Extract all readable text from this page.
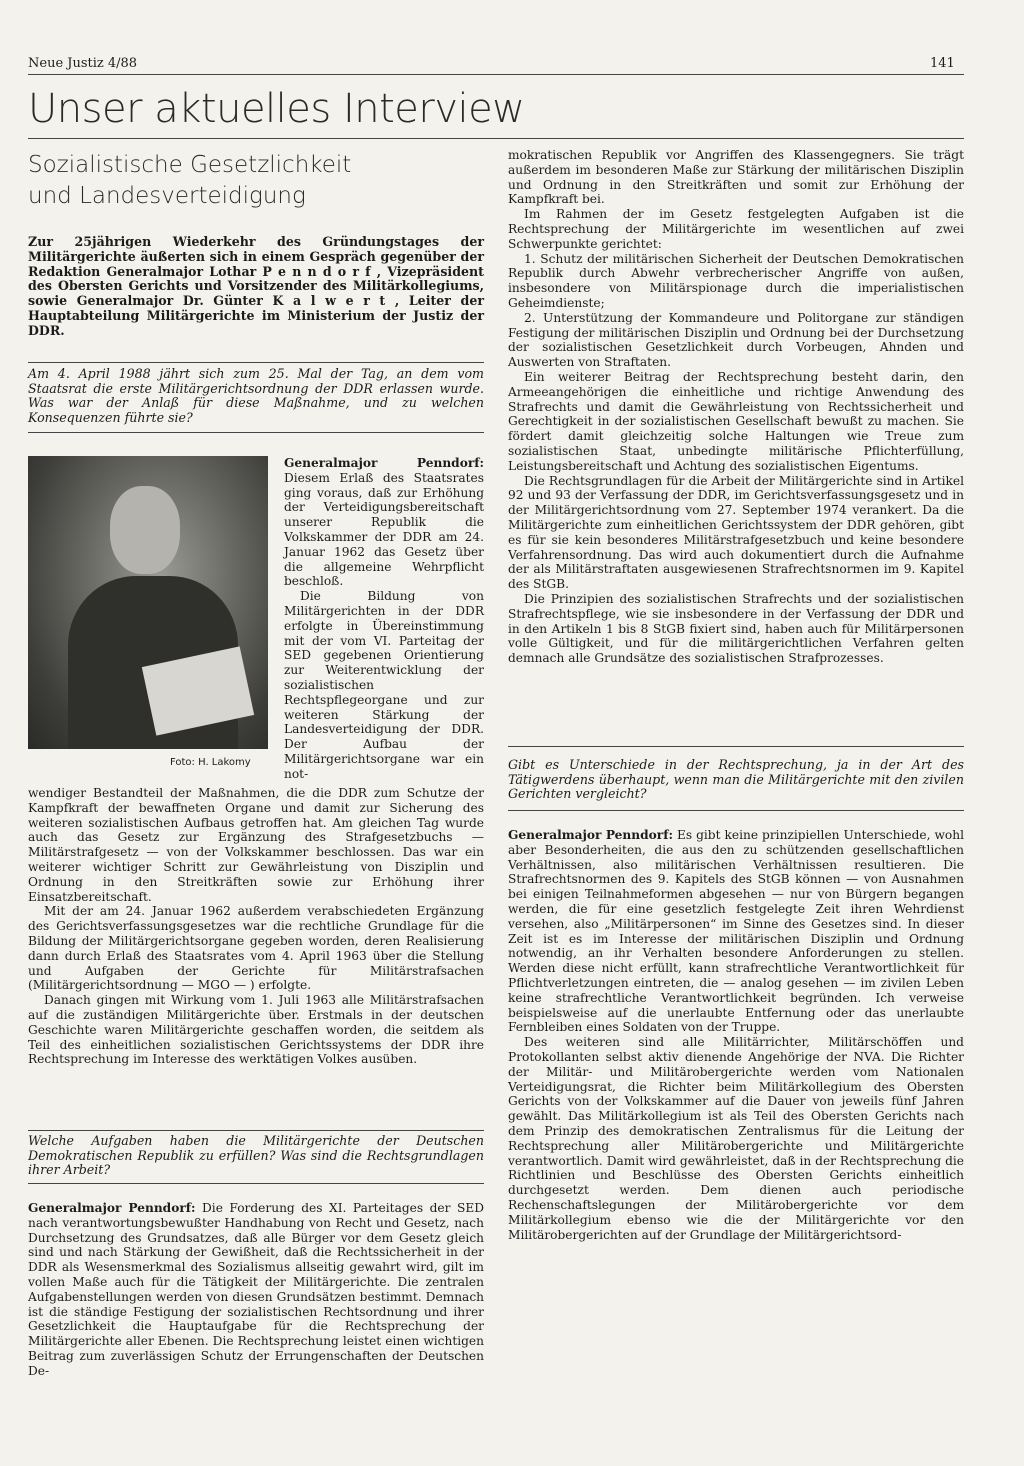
Neue Justiz 4/88	141
Unser aktuelles Interview
Sozialistische Gesetzlichkeit
und Landesverteidigung
Zur 25jährigen Wiederkehr des Gründungstages der Militärgerichte äußerten sich in einem Gespräch gegenüber der Redaktion Generalmajor Lothar P e n n d o r f , Vizepräsident des Obersten Gerichts und Vorsitzender des Militärkollegiums, sowie Generalmajor Dr. Günter K a l w e r t , Leiter der Hauptabteilung Militärgerichte im Ministerium der Justiz der DDR.
Am 4. April 1988 jährt sich zum 25. Mal der Tag, an dem vom Staatsrat die erste Militärgerichtsordnung der DDR erlassen wurde. Was war der Anlaß für diese Maßnahme, und zu welchen Konsequenzen führte sie?
Foto: H. Lakomy

Generalmajor Penndorf: Diesem Erlaß des Staatsrates ging voraus, daß zur Erhöhung der Verteidigungsbereitschaft unserer Republik die Volkskammer der DDR am 24. Januar 1962 das Gesetz über die allgemeine Wehrpflicht beschloß.

Die Bildung von Militärgerichten in der DDR erfolgte in Übereinstimmung mit der vom VI. Parteitag der SED gegebenen Orientierung zur Weiterentwicklung der sozialistischen Rechtspflegeorgane und zur weiteren Stärkung der Landesverteidigung der DDR. Der Aufbau der Militärgerichtsorgane war ein not-

wendiger Bestandteil der Maßnahmen, die die DDR zum Schutze der Kampfkraft der bewaffneten Organe und damit zur Sicherung des weiteren sozialistischen Aufbaus getroffen hat. Am gleichen Tag wurde auch das Gesetz zur Ergänzung des Strafgesetzbuchs — Militärstrafgesetz — von der Volkskammer beschlossen. Das war ein weiterer wichtiger Schritt zur Gewährleistung von Disziplin und Ordnung in den Streitkräften sowie zur Erhöhung ihrer Einsatzbereitschaft.

Mit der am 24. Januar 1962 außerdem verabschiedeten Ergänzung des Gerichtsverfassungsgesetzes war die rechtliche Grundlage für die Bildung der Militärgerichtsorgane gegeben worden, deren Realisierung dann durch Erlaß des Staatsrates vom 4. April 1963 über die Stellung und Aufgaben der Gerichte für Militärstrafsachen (Militärgerichtsordnung — MGO — ) erfolgte.

Danach gingen mit Wirkung vom 1. Juli 1963 alle Militärstrafsachen auf die zuständigen Militärgerichte über. Erstmals in der deutschen Geschichte waren Militärgerichte geschaffen worden, die seitdem als Teil des einheitlichen sozialistischen Gerichtssystems der DDR ihre Rechtsprechung im Interesse des werktätigen Volkes ausüben.

Welche Aufgaben haben die Militärgerichte der Deutschen Demokratischen Republik zu erfüllen? Was sind die Rechtsgrundlagen ihrer Arbeit?

Generalmajor Penndorf: Die Forderung des XI. Parteitages der SED nach verantwortungsbewußter Handhabung von Recht und Gesetz, nach Durchsetzung des Grundsatzes, daß alle Bürger vor dem Gesetz gleich sind und nach Stärkung der Gewißheit, daß die Rechtssicherheit in der DDR als Wesensmerkmal des Sozialismus allseitig gewahrt wird, gilt im vollen Maße auch für die Tätigkeit der Militärgerichte. Die zentralen Aufgabenstellungen werden von diesen Grundsätzen bestimmt. Demnach ist die ständige Festigung der sozialistischen Rechtsordnung und ihrer Gesetzlichkeit die Hauptaufgabe für die Rechtsprechung der Militärgerichte aller Ebenen. Die Rechtsprechung leistet einen wichtigen Beitrag zum zuverlässigen Schutz der Errungenschaften der Deutschen De-

mokratischen Republik vor Angriffen des Klassengegners. Sie trägt außerdem im besonderen Maße zur Stärkung der militärischen Disziplin und Ordnung in den Streitkräften und somit zur Erhöhung der Kampfkraft bei.

Im Rahmen der im Gesetz festgelegten Aufgaben ist die Rechtsprechung der Militärgerichte im wesentlichen auf zwei Schwerpunkte gerichtet:

1. Schutz der militärischen Sicherheit der Deutschen Demokratischen Republik durch Abwehr verbrecherischer Angriffe von außen, insbesondere von Militärspionage durch die imperialistischen Geheimdienste;

2. Unterstützung der Kommandeure und Politorgane zur ständigen Festigung der militärischen Disziplin und Ordnung bei der Durchsetzung der sozialistischen Gesetzlichkeit durch Vorbeugen, Ahnden und Auswerten von Straftaten.

Ein weiterer Beitrag der Rechtsprechung besteht darin, den Armeeangehörigen die einheitliche und richtige Anwendung des Strafrechts und damit die Gewährleistung von Rechtssicherheit und Gerechtigkeit in der sozialistischen Gesellschaft bewußt zu machen. Sie fördert damit gleichzeitig solche Haltungen wie Treue zum sozialistischen Staat, unbedingte militärische Pflichterfüllung, Leistungsbereitschaft und Achtung des sozialistischen Eigentums.

Die Rechtsgrundlagen für die Arbeit der Militärgerichte sind in Artikel 92 und 93 der Verfassung der DDR, im Gerichtsverfassungsgesetz und in der Militärgerichtsordnung vom 27. September 1974 verankert. Da die Militärgerichte zum einheitlichen Gerichtssystem der DDR gehören, gibt es für sie kein besonderes Militärstrafgesetzbuch und keine besondere Verfahrensordnung. Das wird auch dokumentiert durch die Aufnahme der als Militärstraftaten ausgewiesenen Strafrechtsnormen im 9. Kapitel des StGB.

Die Prinzipien des sozialistischen Strafrechts und der sozialistischen Strafrechtspflege, wie sie insbesondere in der Verfassung der DDR und in den Artikeln 1 bis 8 StGB fixiert sind, haben auch für Militärpersonen volle Gültigkeit, und für die militärgerichtlichen Verfahren gelten demnach alle Grundsätze des sozialistischen Strafprozesses.

Gibt es Unterschiede in der Rechtsprechung, ja in der Art des Tätigwerdens überhaupt, wenn man die Militärgerichte mit den zivilen Gerichten vergleicht?

Generalmajor Penndorf: Es gibt keine prinzipiellen Unterschiede, wohl aber Besonderheiten, die aus den zu schützenden gesellschaftlichen Verhältnissen, also militärischen Verhältnissen resultieren. Die Strafrechtsnormen des 9. Kapitels des StGB können — von Ausnahmen bei einigen Teilnahmeformen abgesehen — nur von Bürgern begangen werden, die für eine gesetzlich festgelegte Zeit ihren Wehrdienst versehen, also „Militärpersonen“ im Sinne des Gesetzes sind. In dieser Zeit ist es im Interesse der militärischen Disziplin und Ordnung notwendig, an ihr Verhalten besondere Anforderungen zu stellen. Werden diese nicht erfüllt, kann strafrechtliche Verantwortlichkeit für Pflichtverletzungen eintreten, die — analog gesehen — im zivilen Leben keine strafrechtliche Verantwortlichkeit begründen. Ich verweise beispielsweise auf die unerlaubte Entfernung oder das unerlaubte Fernbleiben eines Soldaten von der Truppe.

Des weiteren sind alle Militärrichter, Militärschöffen und Protokollanten selbst aktiv dienende Angehörige der NVA. Die Richter der Militär- und Militärobergerichte werden vom Nationalen Verteidigungsrat, die Richter beim Militärkollegium des Obersten Gerichts von der Volkskammer auf die Dauer von jeweils fünf Jahren gewählt. Das Militärkollegium ist als Teil des Obersten Gerichts nach dem Prinzip des demokratischen Zentralismus für die Leitung der Rechtsprechung aller Militärobergerichte und Militärgerichte verantwortlich. Damit wird gewährleistet, daß in der Rechtsprechung die Richtlinien und Beschlüsse des Obersten Gerichts einheitlich durchgesetzt werden. Dem dienen auch periodische Rechenschaftslegungen der Militärobergerichte vor dem Militärkollegium ebenso wie die der Militärgerichte vor den Militärobergerichten auf der Grundlage der Militärgerichtsord-
